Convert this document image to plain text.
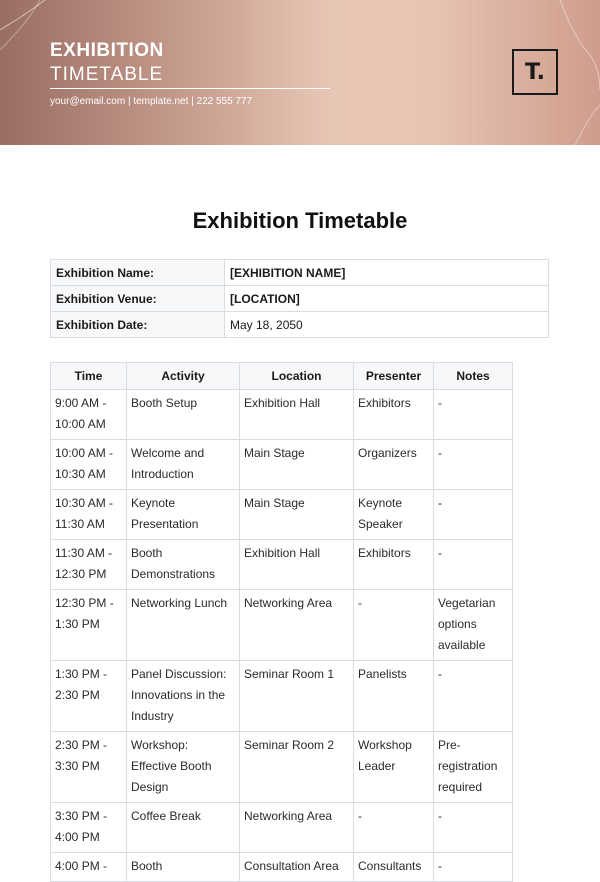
EXHIBITION
TIMETABLE
your@email.com | template.net | 222 555 777
T.
Exhibition Timetable
Exhibition Name:	[EXHIBITION NAME]
Exhibition Venue:	[LOCATION]
Exhibition Date:	May 18, 2050
Time	Activity	Location	Presenter	Notes
9:00 AM - 10:00 AM	Booth Setup	Exhibition Hall	Exhibitors	-
10:00 AM - 10:30 AM	Welcome and Introduction	Main Stage	Organizers	-
10:30 AM - 11:30 AM	Keynote Presentation	Main Stage	Keynote Speaker	-
11:30 AM - 12:30 PM	Booth Demonstrations	Exhibition Hall	Exhibitors	-
12:30 PM - 1:30 PM	Networking Lunch	Networking Area	-	Vegetarian options available
1:30 PM - 2:30 PM	Panel Discussion: Innovations in the Industry	Seminar Room 1	Panelists	-
2:30 PM - 3:30 PM	Workshop: Effective Booth Design	Seminar Room 2	Workshop Leader	Pre-registration required
3:30 PM - 4:00 PM	Coffee Break	Networking Area	-	-
4:00 PM -	Booth	Consultation Area	Consultants	-
